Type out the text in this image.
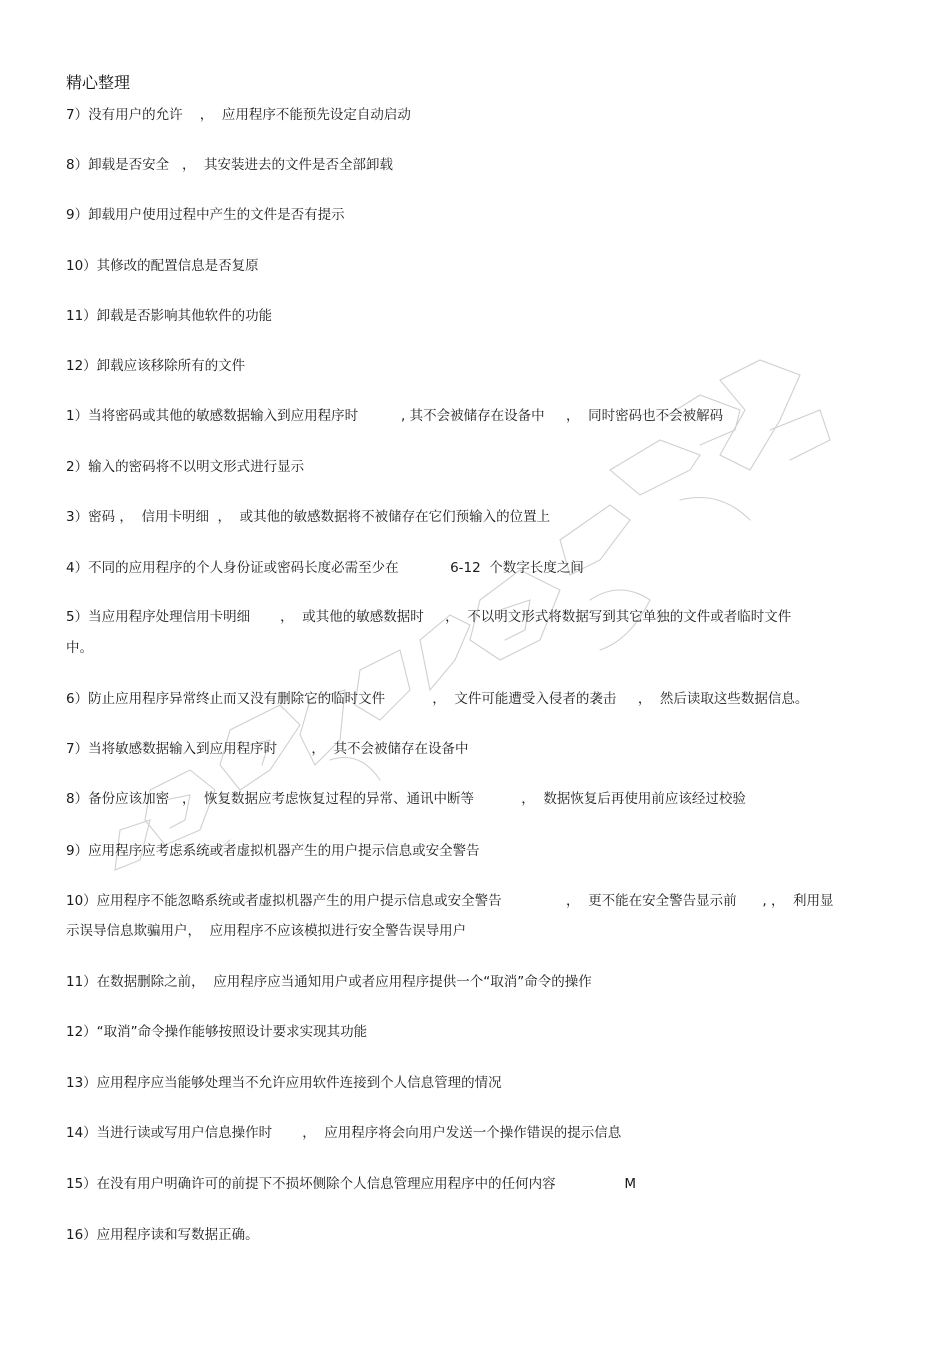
精心整理
7）没有用户的允许    ，  应用程序不能预先设定自动启动
8）卸载是否安全   ，  其安装进去的文件是否全部卸载
9）卸载用户使用过程中产生的文件是否有提示
10）其修改的配置信息是否复原
11）卸载是否影响其他软件的功能
12）卸载应该移除所有的文件
1）当将密码或其他的敏感数据输入到应用程序时          , 其不会被储存在设备中     ，  同时密码也不会被解码
2）输入的密码将不以明文形式进行显示
3）密码 ，  信用卡明细  ，  或其他的敏感数据将不被储存在它们预输入的位置上
4）不同的应用程序的个人身份证或密码长度必需至少在            6-12  个数字长度之间
5）当应用程序处理信用卡明细       ，  或其他的敏感数据时     ，  不以明文形式将数据写到其它单独的文件或者临时文件
中。
6）防止应用程序异常终止而又没有删除它的临时文件           ，  文件可能遭受入侵者的袭击     ，  然后读取这些数据信息。
7）当将敏感数据输入到应用程序时        ，  其不会被储存在设备中
8）备份应该加密   ，  恢复数据应考虑恢复过程的异常、通讯中断等           ，  数据恢复后再使用前应该经过校验
9）应用程序应考虑系统或者虚拟机器产生的用户提示信息或安全警告
10）应用程序不能忽略系统或者虚拟机器产生的用户提示信息或安全警告               ，  更不能在安全警告显示前      , ，  利用显
示误导信息欺骗用户，  应用程序不应该模拟进行安全警告误导用户
11）在数据删除之前，  应用程序应当通知用户或者应用程序提供一个“取消”命令的操作
12）“取消”命令操作能够按照设计要求实现其功能
13）应用程序应当能够处理当不允许应用软件连接到个人信息管理的情况
14）当进行读或写用户信息操作时       ，  应用程序将会向用户发送一个操作错误的提示信息
15）在没有用户明确许可的前提下不损坏侧除个人信息管理应用程序中的任何内容                M
16）应用程序读和写数据正确。
